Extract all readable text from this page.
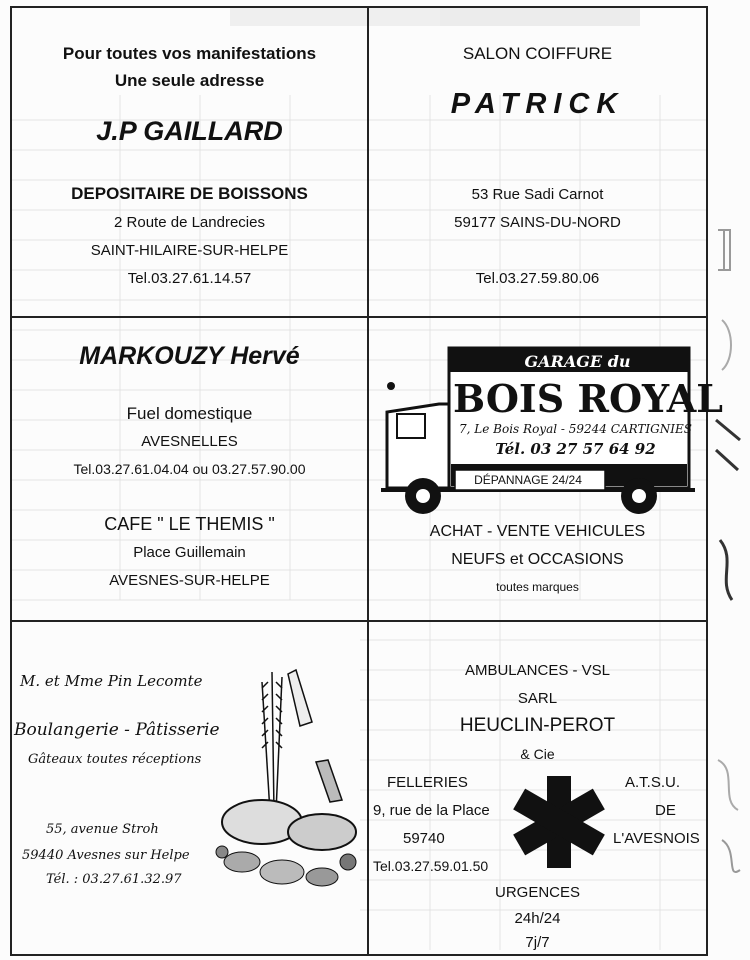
Pour toutes vos manifestations
Une seule adresse
J.P GAILLARD
DEPOSITAIRE DE BOISSONS
2 Route de Landrecies
SAINT-HILAIRE-SUR-HELPE
Tel.03.27.61.14.57
SALON COIFFURE
PATRICK
53 Rue Sadi Carnot
59177 SAINS-DU-NORD
Tel.03.27.59.80.06
MARKOUZY Hervé
Fuel domestique
AVESNELLES
Tel.03.27.61.04.04 ou 03.27.57.90.00
CAFE " LE THEMIS "
Place Guillemain
AVESNES-SUR-HELPE
GARAGE du
BOIS ROYAL
7, Le Bois Royal - 59244 CARTIGNIES
Tél. 03 27 57 64 92
DÉPANNAGE 24/24
ACHAT - VENTE VEHICULES
NEUFS et OCCASIONS
toutes marques
M. et Mme Pin Lecomte
Boulangerie - Pâtisserie
Gâteaux toutes réceptions
55, avenue Stroh
59440 Avesnes sur Helpe
Tél. : 03.27.61.32.97
AMBULANCES - VSL
SARL
HEUCLIN-PEROT
& Cie
FELLERIES
9, rue de la Place
59740
Tel.03.27.59.01.50
A.T.S.U.
DE
L'AVESNOIS
URGENCES
24h/24
7j/7
